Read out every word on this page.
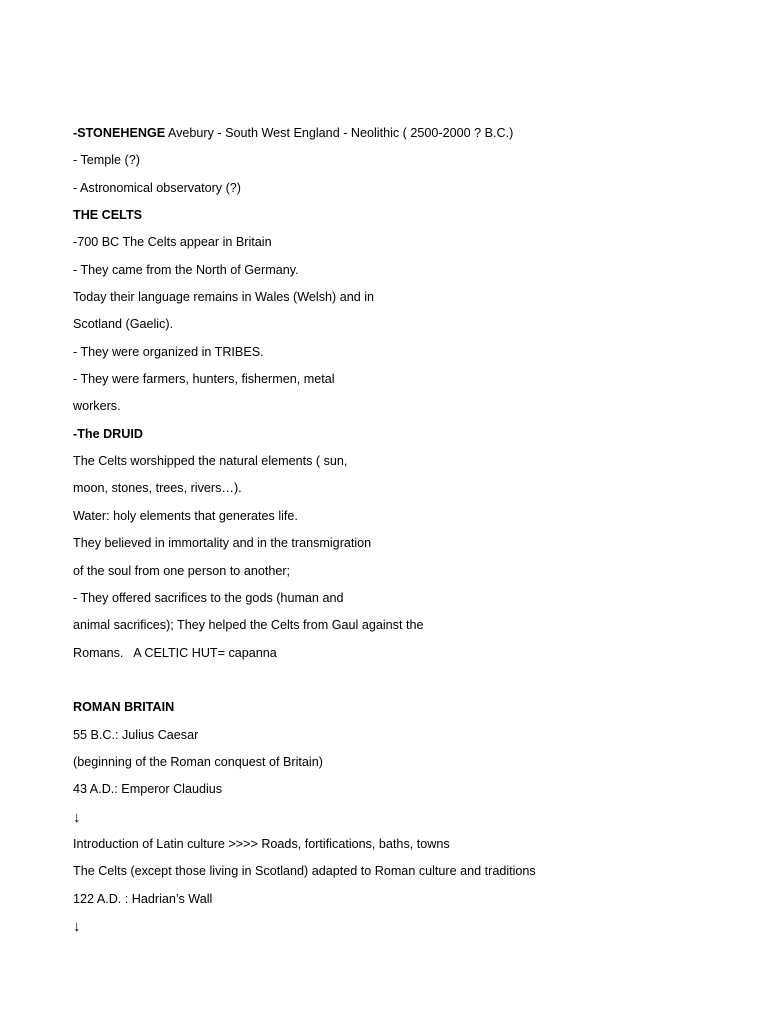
-STONEHENGE Avebury - South West England - Neolithic ( 2500-2000 ? B.C.)
- Temple (?)
- Astronomical observatory (?)
THE CELTS
-700 BC The Celts appear in Britain
- They came from the North of Germany.
Today their language remains in Wales (Welsh) and in
Scotland (Gaelic).
- They were organized in TRIBES.
- They were farmers, hunters, fishermen, metal
workers.
-The DRUID
The Celts worshipped the natural elements ( sun,
moon, stones, trees, rivers…).
Water: holy elements that generates life.
They believed in immortality and in the transmigration
of the soul from one person to another;
- They offered sacrifices to the gods (human and
animal sacrifices); They helped the Celts from Gaul against the
Romans.   A CELTIC HUT= capanna
ROMAN BRITAIN
55 B.C.: Julius Caesar
(beginning of the Roman conquest of Britain)
43 A.D.: Emperor Claudius
↓
Introduction of Latin culture >>>> Roads, fortifications, baths, towns
The Celts (except those living in Scotland) adapted to Roman culture and traditions
122 A.D. : Hadrian’s Wall
↓
